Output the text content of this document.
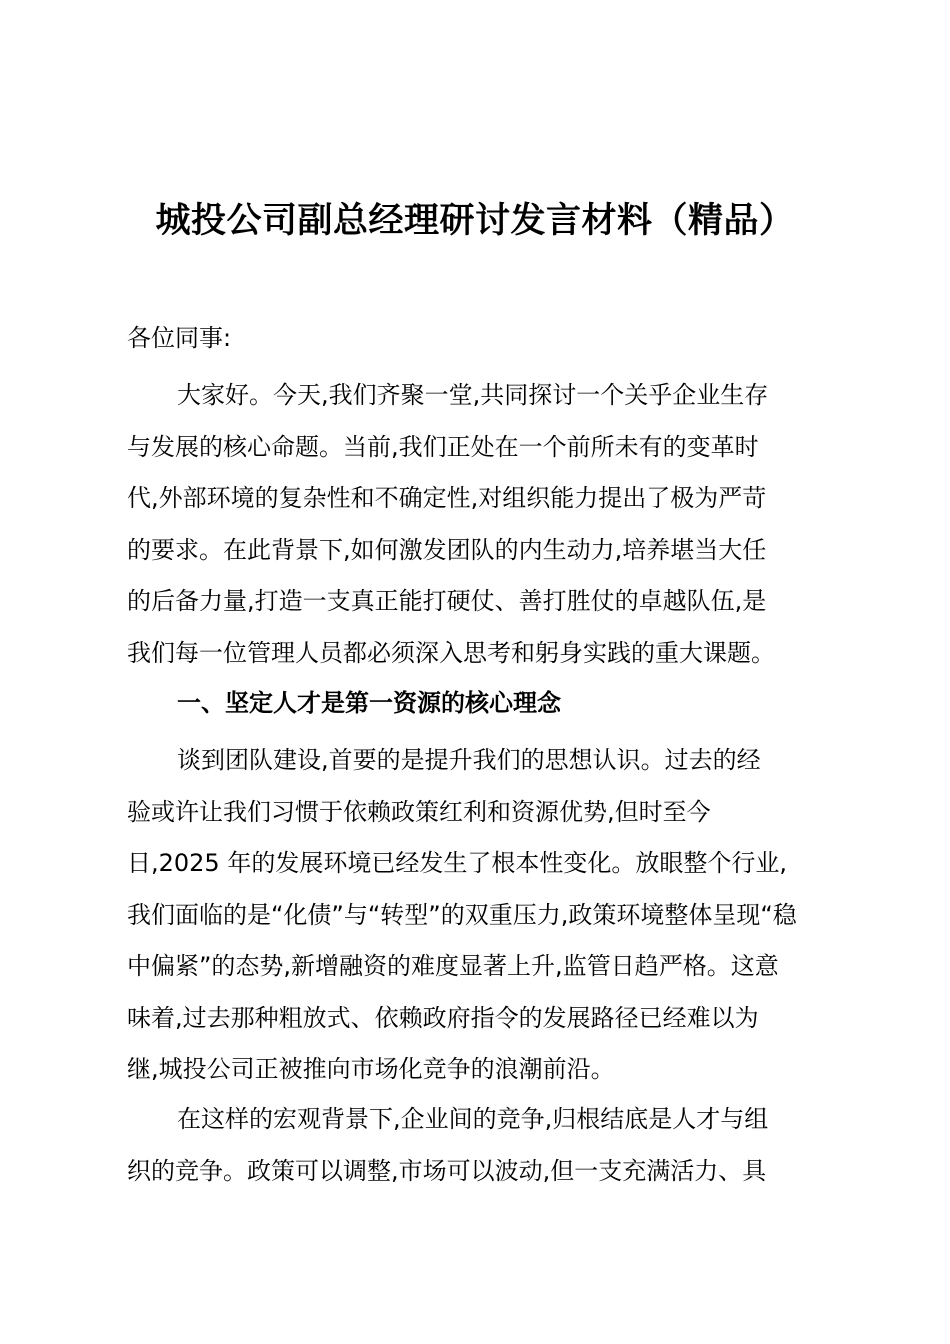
城投公司副总经理研讨发言材料（精品）
各位同事:
大家好。今天,我们齐聚一堂,共同探讨一个关乎企业生存
与发展的核心命题。当前,我们正处在一个前所未有的变革时
代,外部环境的复杂性和不确定性,对组织能力提出了极为严苛
的要求。在此背景下,如何激发团队的内生动力,培养堪当大任
的后备力量,打造一支真正能打硬仗、善打胜仗的卓越队伍,是
我们每一位管理人员都必须深入思考和躬身实践的重大课题。
一、坚定人才是第一资源的核心理念
谈到团队建设,首要的是提升我们的思想认识。过去的经
验或许让我们习惯于依赖政策红利和资源优势,但时至今
日,2025 年的发展环境已经发生了根本性变化。放眼整个行业,
我们面临的是“化债”与“转型”的双重压力,政策环境整体呈现“稳
中偏紧”的态势,新增融资的难度显著上升,监管日趋严格。这意
味着,过去那种粗放式、依赖政府指令的发展路径已经难以为
继,城投公司正被推向市场化竞争的浪潮前沿。
在这样的宏观背景下,企业间的竞争,归根结底是人才与组
织的竞争。政策可以调整,市场可以波动,但一支充满活力、具
